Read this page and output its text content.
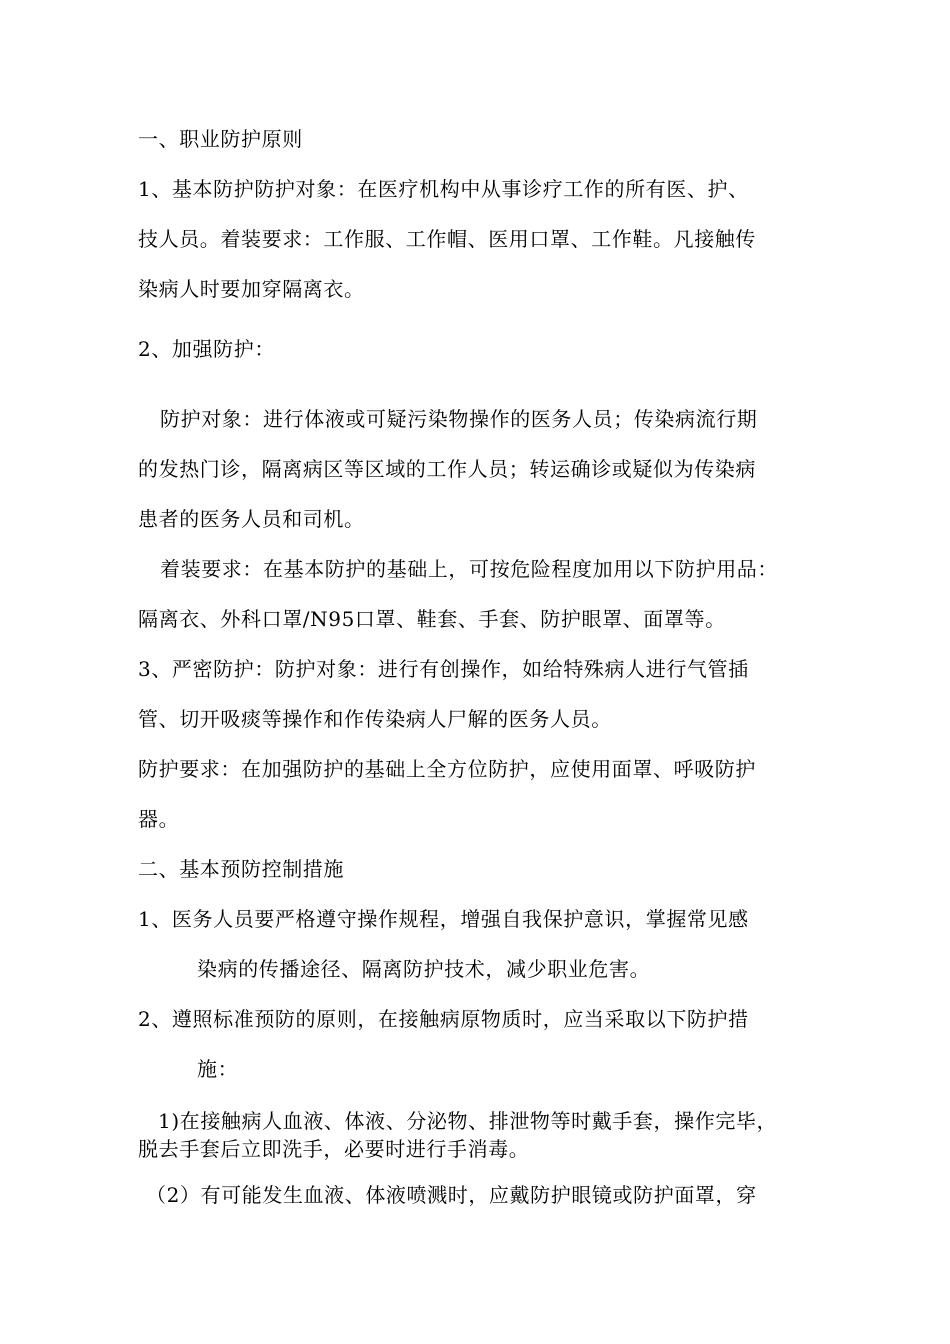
一、职业防护原则
1、基本防护防护对象：在医疗机构中从事诊疗工作的所有医、护、
技人员。着装要求：工作服、工作帽、医用口罩、工作鞋。凡接触传
染病人时要加穿隔离衣。
2、加强防护：
防护对象：进行体液或可疑污染物操作的医务人员；传染病流行期
的发热门诊，隔离病区等区域的工作人员；转运确诊或疑似为传染病
患者的医务人员和司机。
着装要求：在基本防护的基础上，可按危险程度加用以下防护用品：
隔离衣、外科口罩/N95口罩、鞋套、手套、防护眼罩、面罩等。
3、严密防护：防护对象：进行有创操作，如给特殊病人进行气管插
管、切开吸痰等操作和作传染病人尸解的医务人员。
防护要求：在加强防护的基础上全方位防护，应使用面罩、呼吸防护
器。
二、基本预防控制措施
1、医务人员要严格遵守操作规程，增强自我保护意识，掌握常见感
染病的传播途径、隔离防护技术，减少职业危害。
2、遵照标准预防的原则，在接触病原物质时，应当采取以下防护措
施：
1)在接触病人血液、体液、分泌物、排泄物等时戴手套，操作完毕，
脱去手套后立即洗手，必要时进行手消毒。
（2）有可能发生血液、体液喷溅时，应戴防护眼镜或防护面罩，穿
